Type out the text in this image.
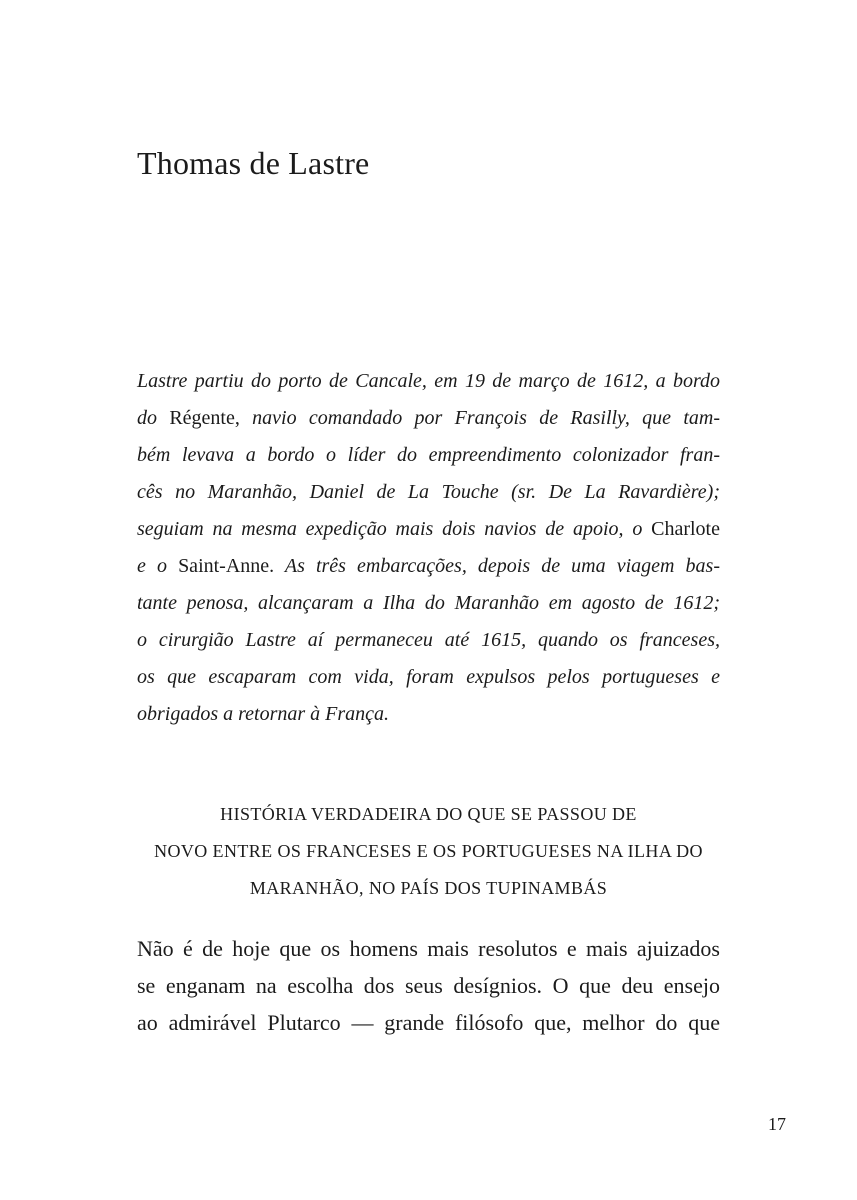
Thomas de Lastre
Lastre partiu do porto de Cancale, em 19 de março de 1612, a bordo
do Régente, navio comandado por François de Rasilly, que tam-
bém levava a bordo o líder do empreendimento colonizador fran-
cês no Maranhão, Daniel de La Touche (sr. De La Ravardière);
seguiam na mesma expedição mais dois navios de apoio, o Charlote
e o Saint-Anne. As três embarcações, depois de uma viagem bas-
tante penosa, alcançaram a Ilha do Maranhão em agosto de 1612;
o cirurgião Lastre aí permaneceu até 1615, quando os franceses,
os que escaparam com vida, foram expulsos pelos portugueses e
obrigados a retornar à França.
HISTÓRIA VERDADEIRA DO QUE SE PASSOU DE
NOVO ENTRE OS FRANCESES E OS PORTUGUESES NA ILHA DO
MARANHÃO, NO PAÍS DOS TUPINAMBÁS
Não é de hoje que os homens mais resolutos e mais ajuizados
se enganam na escolha dos seus desígnios. O que deu ensejo
ao admirável Plutarco — grande filósofo que, melhor do que
17
